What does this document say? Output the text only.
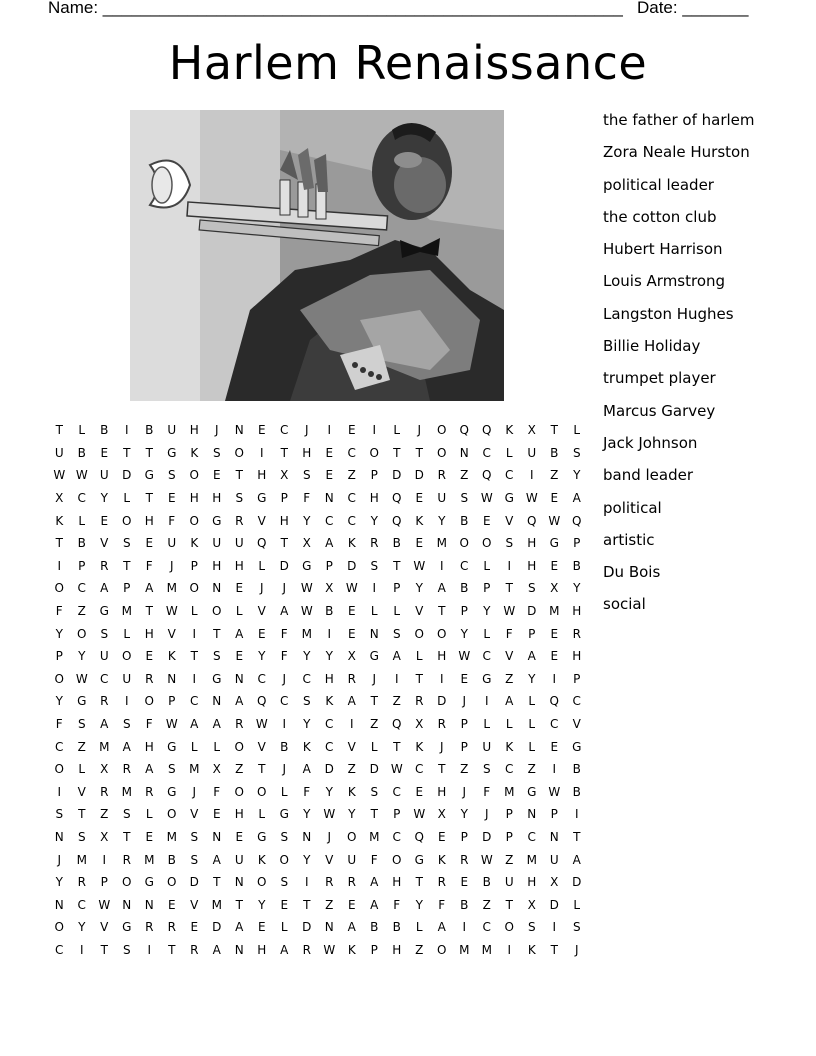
Name: _______________________________________________________ Date: _______
Harlem Renaissance
T	L	B	I	B	U	H	J	N	E	C	J	I	E	I	L	J	O	Q	Q	K	X	T	L
U	B	E	T	T	G	K	S	O	I	T	H	E	C	O	T	T	O	N	C	L	U	B	S
W W	U	D	G	S	O	E	T	H	X	S	E	Z	P	D	D	R	Z	Q	C	I	Z	Y
X	C	Y	L	T	E	H	H	S	G	P	F	N	C	H	Q	E	U	S	W G W	E	A
K	L	E	O	H	F	O	G	R	V	H	Y	C	C	Y	Q	K	Y	B	E	V	Q W Q
T	B	V	S	E	U	K	U	U	Q	T	X	A	K	R	B	E	M	O	O	S	H	G	P
I	P	R	T	F	J	P	H	H	L	D	G	P	D	S	T	W	I	C	L	I	H	E	B
O	C	A	P	A	M	O	N	E	J	J	W	X	W	I	P	Y	A	B	P	T	S	X	Y
F	Z	G	M	T	W	L	O	L	V	A	W	B	E	L	L	V	T	P	Y	W D	M	H
Y	O	S	L	H	V	I	T	A	E	F	M	I	E	N	S	O	O	Y	L	F	P	E	R
P	Y	U	O	E	K	T	S	E	Y	F	Y	Y	X	G	A	L	H	W	C	V	A	E	H
O W	C	U	R	N	I	G	N	C	J	C	H	R	J	I	T	I	E	G	Z	Y	I	P
Y	G	R	I	O	P	C	N	A	Q	C	S	K	A	T	Z	R	D	J	I	A	L	Q	C
F	S	A	S	F	W	A	A	R	W	I	Y	C	I	Z	Q	X	R	P	L	L	L	C	V
C	Z	M	A	H	G	L	L	O	V	B	K	C	V	L	T	K	J	P	U	K	L	E	G
O	L	X	R	A	S	M	X	Z	T	J	A	D	Z	D W	C	T	Z	S	C	Z	I	B
I	V	R	M	R	G	J	F	O	O	L	F	Y	K	S	C	E	H	J	F	M	G W	B
S	T	Z	S	L	O	V	E	H	L	G	Y	W	Y	T	P	W	X	Y	J	P	N	P	I
N	S	X	T	E	M	S	N	E	G	S	N	J	O	M	C	Q	E	P	D	P	C	N	T
J	M	I	R	M	B	S	A	U	K	O	Y	V	U	F	O	G	K	R	W	Z	M	U	A
Y	R	P	O	G	O	D	T	N	O	S	I	R	R	A	H	T	R	E	B	U	H	X	D
N	C	W	N	N	E	V	M	T	Y	E	T	Z	E	A	F	Y	F	B	Z	T	X	D	L
O	Y	V	G	R	R	E	D	A	E	L	D	N	A	B	B	L	A	I	C	O	S	I	S
C	I	T	S	I	T	R	A	N	H	A	R	W	K	P	H	Z	O	M	M	I	K	T	J
the father of harlem
Zora Neale Hurston
political leader
the cotton club
Hubert Harrison
Louis Armstrong
Langston Hughes
Billie Holiday
trumpet player
Marcus Garvey
Jack Johnson
band leader
political
artistic
Du Bois
social
